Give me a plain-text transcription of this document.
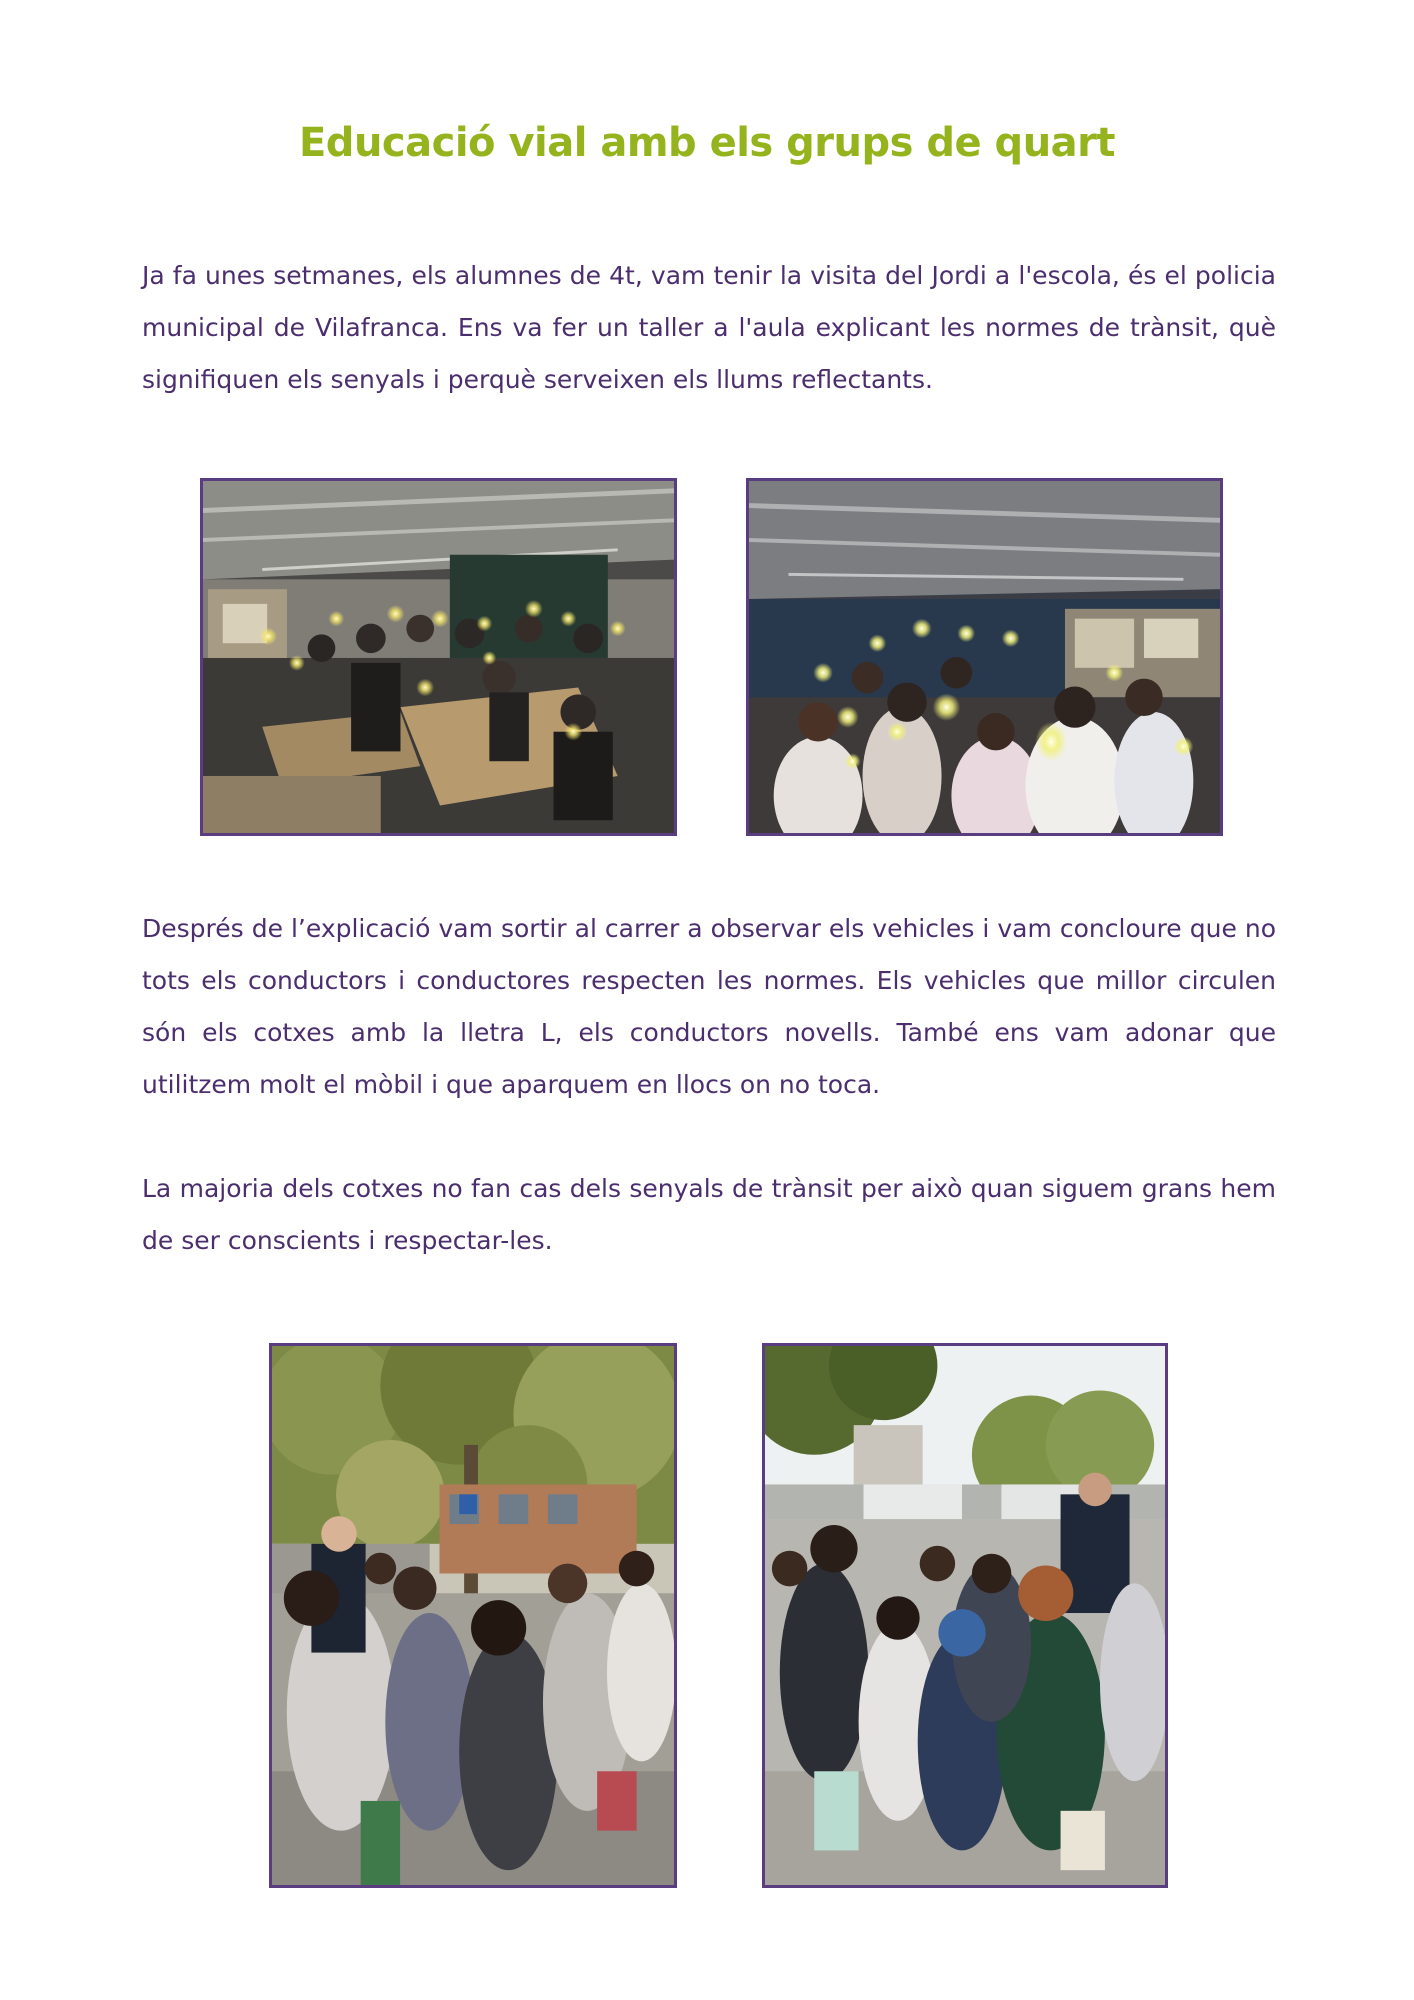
Educació vial amb els grups de quart

Ja fa unes setmanes, els alumnes de 4t, vam tenir la visita del Jordi a l'escola, és el policia municipal de Vilafranca. Ens va fer un taller a l'aula explicant les normes de trànsit, què signifiquen els senyals i perquè serveixen els llums reflectants.

Després de l’explicació vam sortir al carrer a observar els vehicles i vam concloure que no tots els conductors i conductores respecten les normes. Els vehicles que millor circulen són els cotxes amb la lletra L, els conductors novells. També ens vam adonar que utilitzem molt el mòbil i que aparquem en llocs on no toca.

La majoria dels cotxes no fan cas dels senyals de trànsit per això quan siguem grans hem de ser conscients i respectar-les.
